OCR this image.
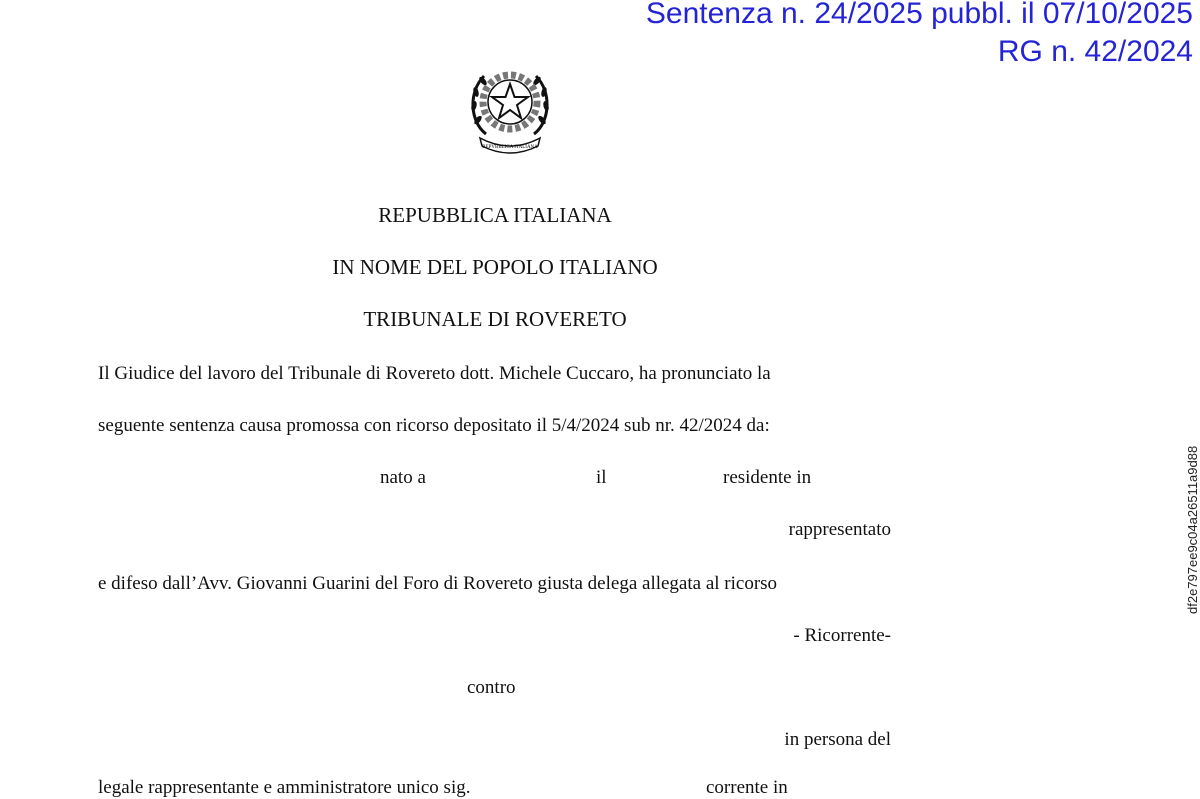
Sentenza n. 24/2025 pubbl. il 07/10/2025
RG n. 42/2024
REPVBBLICA ITALIANA
REPUBBLICA ITALIANA
IN NOME DEL POPOLO ITALIANO
TRIBUNALE DI ROVERETO
Il Giudice del lavoro del Tribunale di Rovereto dott. Michele Cuccaro, ha pronunciato la
seguente sentenza causa promossa con ricorso depositato il 5/4/2024 sub nr. 42/2024 da:
nato a	il	residente in
rappresentato
e difeso dall’Avv. Giovanni Guarini del Foro di Rovereto giusta delega allegata al ricorso
- Ricorrente-
contro
in persona del
legale rappresentante e amministratore unico sig.	corrente in
df2e797ee9c04a26511a9d88
